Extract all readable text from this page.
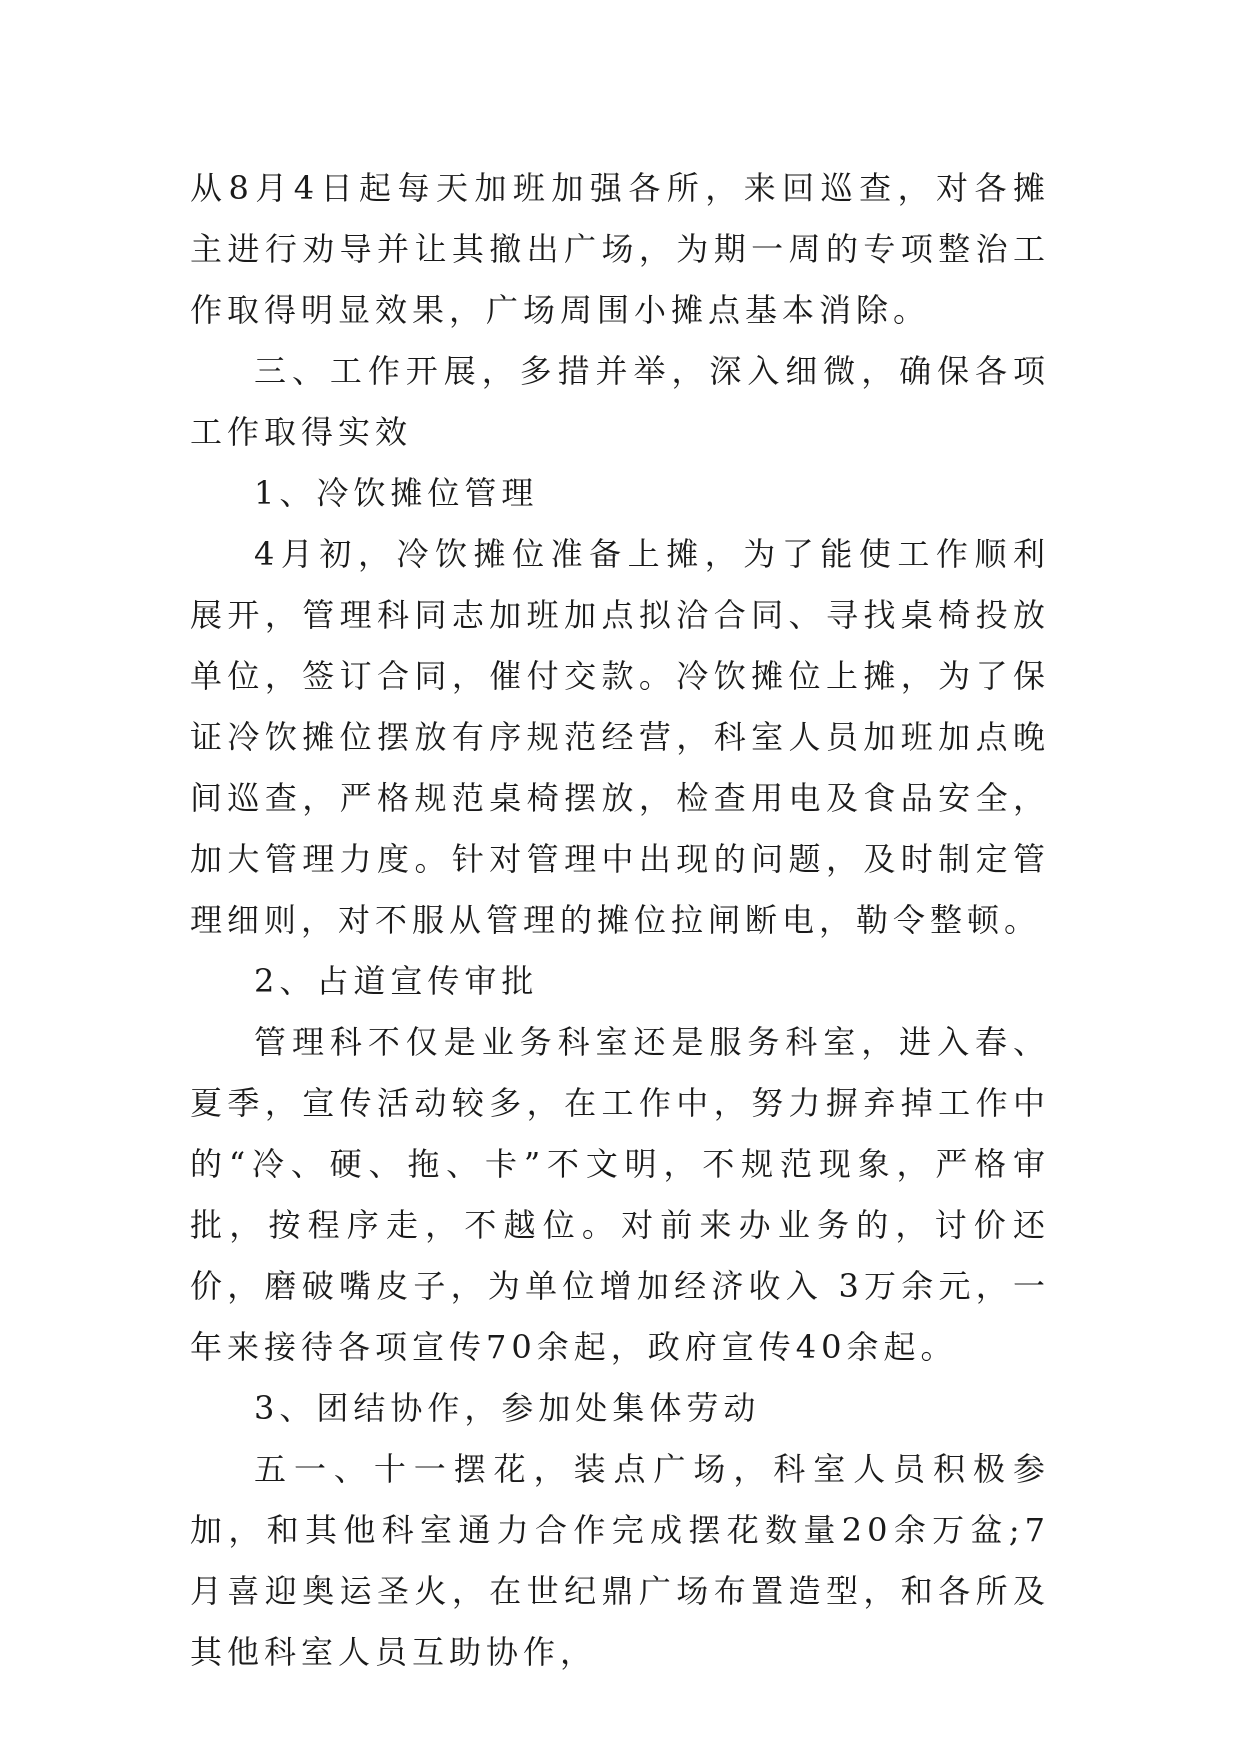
从8月4日起每天加班加强各所，来回巡查，对各摊主进行劝导并让其撤出广场，为期一周的专项整治工作取得明显效果，广场周围小摊点基本消除。

三、工作开展，多措并举，深入细微，确保各项工作取得实效

1、冷饮摊位管理

4月初，冷饮摊位准备上摊，为了能使工作顺利展开，管理科同志加班加点拟洽合同、寻找桌椅投放单位，签订合同，催付交款。冷饮摊位上摊，为了保证冷饮摊位摆放有序规范经营，科室人员加班加点晚间巡查，严格规范桌椅摆放，检查用电及食品安全，加大管理力度。针对管理中出现的问题，及时制定管理细则，对不服从管理的摊位拉闸断电，勒令整顿。

2、占道宣传审批

管理科不仅是业务科室还是服务科室，进入春、夏季，宣传活动较多，在工作中，努力摒弃掉工作中的“冷、硬、拖、卡”不文明，不规范现象，严格审批，按程序走，不越位。对前来办业务的，讨价还价，磨破嘴皮子，为单位增加经济收入 3万余元，一年来接待各项宣传70余起，政府宣传40余起。

3、团结协作，参加处集体劳动

五一、十一摆花，装点广场，科室人员积极参加，和其他科室通力合作完成摆花数量20余万盆;7月喜迎奥运圣火，在世纪鼎广场布置造型，和各所及其他科室人员互助协作，
